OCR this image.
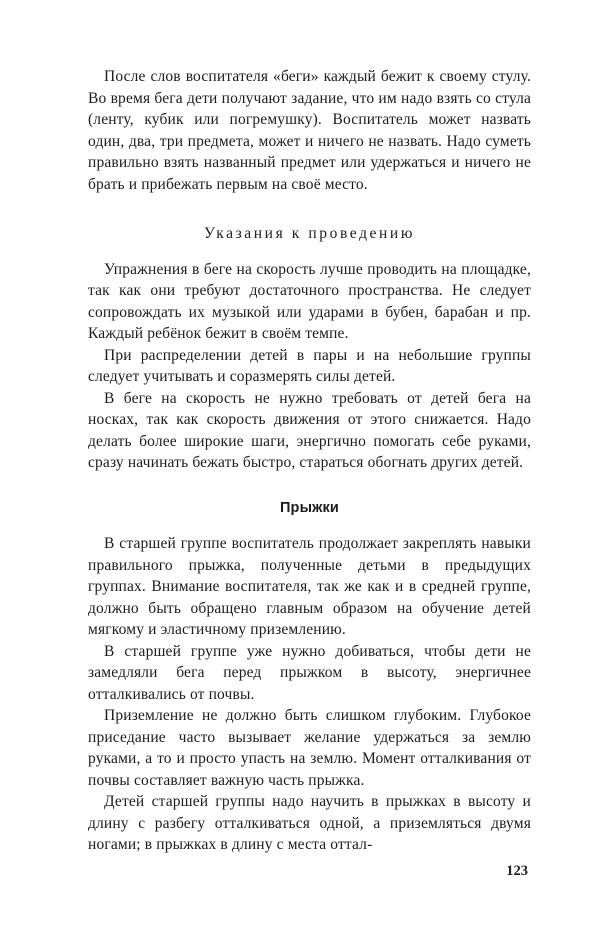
После слов воспитателя «беги» каждый бежит к своему стулу. Во время бега дети получают задание, что им надо взять со стула (ленту, кубик или погремушку). Воспитатель может назвать один, два, три предмета, может и ничего не назвать. Надо суметь правильно взять названный предмет или удержаться и ничего не брать и прибежать первым на своё место.

Указания к проведению

Упражнения в беге на скорость лучше проводить на площадке, так как они требуют достаточного пространства. Не следует сопровождать их музыкой или ударами в бубен, барабан и пр. Каждый ребёнок бежит в своём темпе.

При распределении детей в пары и на небольшие группы следует учитывать и соразмерять силы детей.

В беге на скорость не нужно требовать от детей бега на носках, так как скорость движения от этого снижается. Надо делать более широкие шаги, энергично помогать себе руками, сразу начинать бежать быстро, стараться обогнать других детей.

Прыжки

В старшей группе воспитатель продолжает закреплять навыки правильного прыжка, полученные детьми в предыдущих группах. Внимание воспитателя, так же как и в средней группе, должно быть обращено главным образом на обучение детей мягкому и эластичному приземлению.

В старшей группе уже нужно добиваться, чтобы дети не замедляли бега перед прыжком в высоту, энергичнее отталкивались от почвы.

Приземление не должно быть слишком глубоким. Глубокое приседание часто вызывает желание удержаться за землю руками, а то и просто упасть на землю. Момент отталкивания от почвы составляет важную часть прыжка.

Детей старшей группы надо научить в прыжках в высоту и длину с разбегу отталкиваться одной, а приземляться двумя ногами; в прыжках в длину с места оттал-

123
